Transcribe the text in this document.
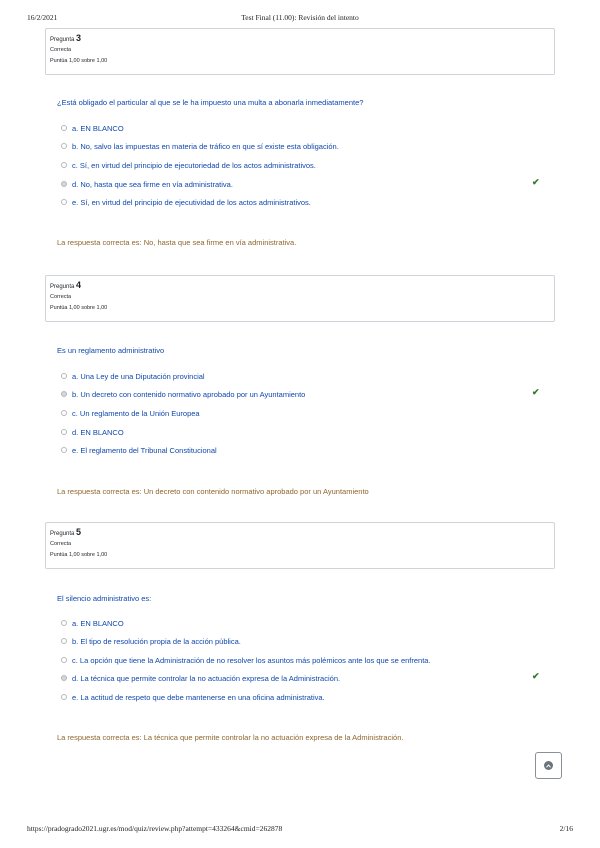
16/2/2021	Test Final (11.00): Revisión del intento
Pregunta 3
Correcta
Puntúa 1,00 sobre 1,00
¿Está obligado el particular al que se le ha impuesto una multa a abonarla inmediatamente?
a. EN BLANCO
b. No, salvo las impuestas en materia de tráfico en que sí existe esta obligación.
c. Sí, en virtud del principio de ejecutoriedad de los actos administrativos.
d. No, hasta que sea firme en vía administrativa.	✔
e. Sí, en virtud del principio de ejecutividad de los actos administrativos.
La respuesta correcta es: No, hasta que sea firme en vía administrativa.
Pregunta 4
Correcta
Puntúa 1,00 sobre 1,00
Es un reglamento administrativo
a. Una Ley de una Diputación provincial
b. Un decreto con contenido normativo aprobado por un Ayuntamiento	✔
c. Un reglamento de la Unión Europea
d. EN BLANCO
e. El reglamento del Tribunal Constitucional
La respuesta correcta es: Un decreto con contenido normativo aprobado por un Ayuntamiento
Pregunta 5
Correcta
Puntúa 1,00 sobre 1,00
El silencio administrativo es:
a. EN BLANCO
b. El tipo de resolución propia de la acción pública.
c. La opción que tiene la Administración de no resolver los asuntos más polémicos ante los que se enfrenta.
d. La técnica que permite controlar la no actuación expresa de la Administración.	✔
e. La actitud de respeto que debe mantenerse en una oficina administrativa.
La respuesta correcta es: La técnica que permite controlar la no actuación expresa de la Administración.
https://pradogrado2021.ugr.es/mod/quiz/review.php?attempt=433264&cmid=262878	2/16
